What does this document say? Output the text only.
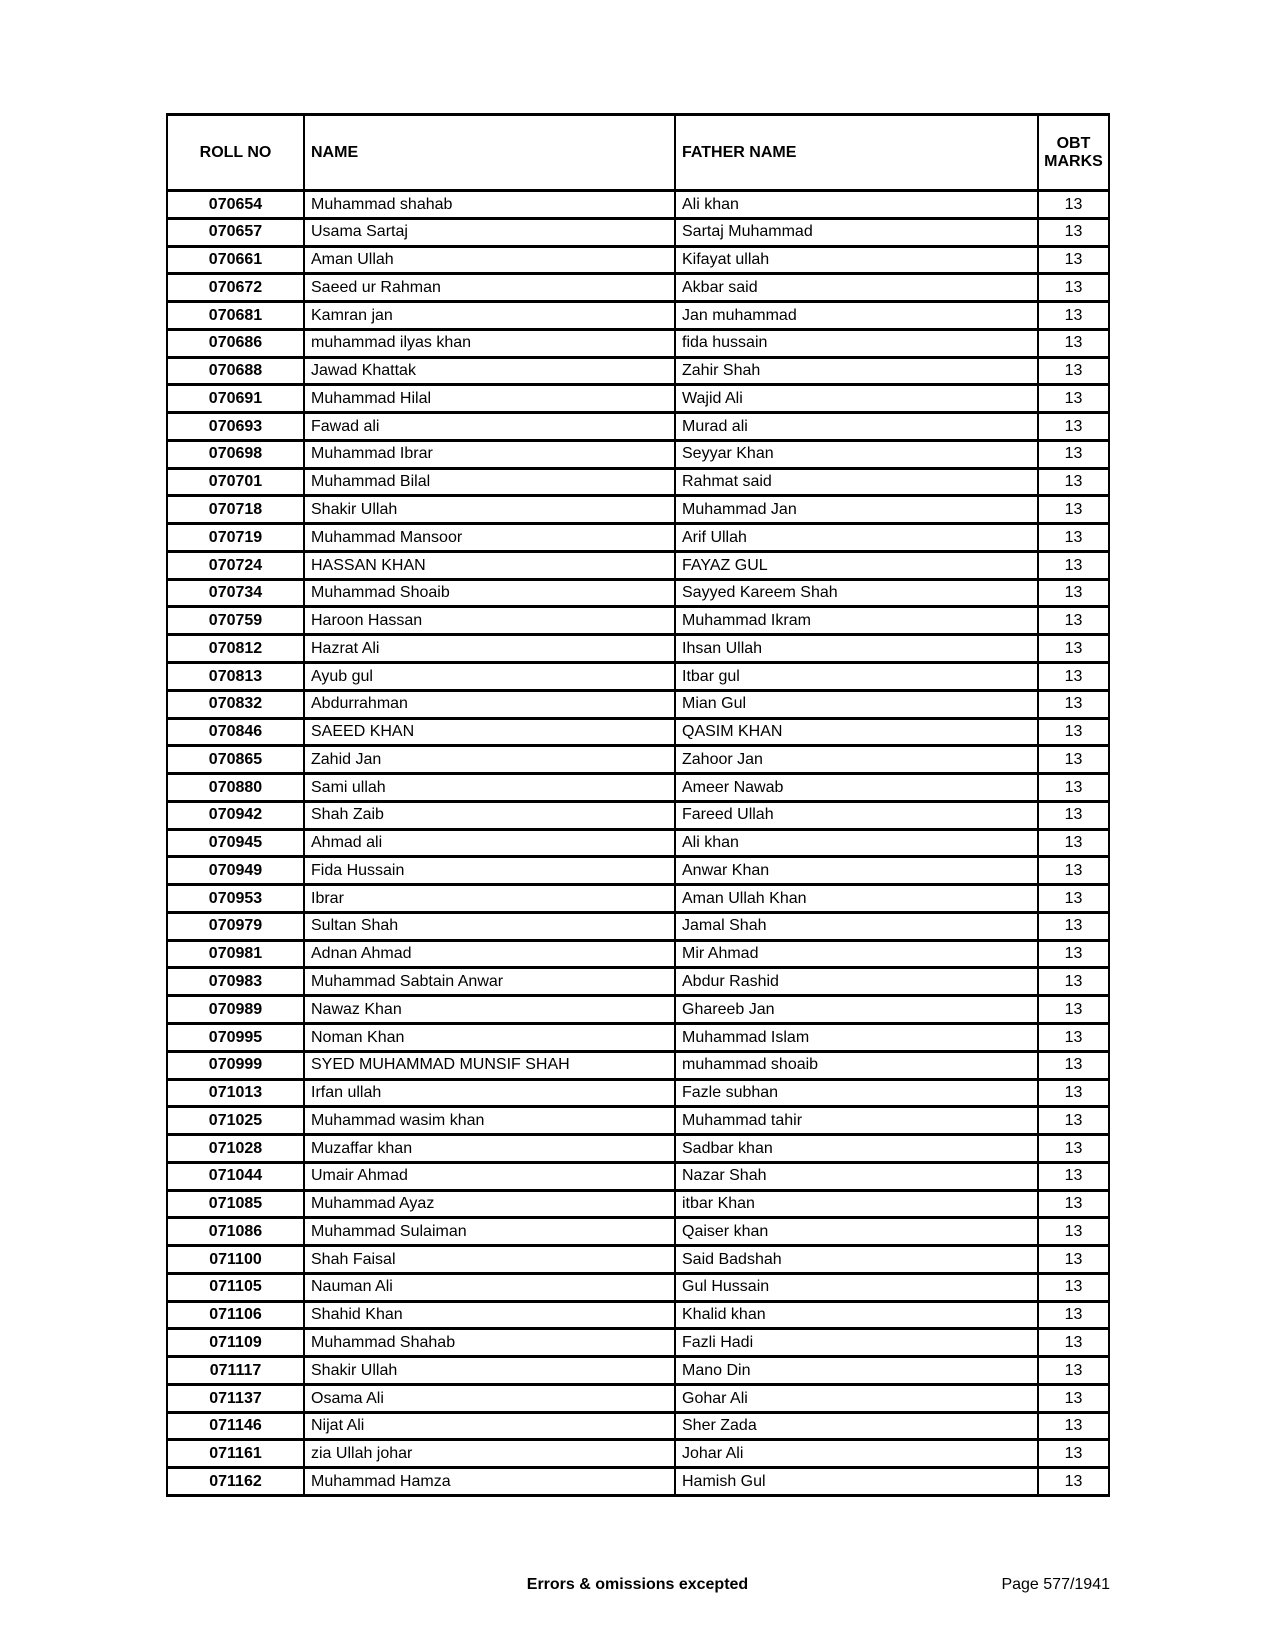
ROLL NO	NAME	FATHER NAME	OBT MARKS
070654	Muhammad shahab	Ali khan	13
070657	Usama Sartaj	Sartaj Muhammad	13
070661	Aman Ullah	Kifayat ullah	13
070672	Saeed ur Rahman	Akbar said	13
070681	Kamran jan	Jan muhammad	13
070686	muhammad ilyas khan	fida hussain	13
070688	Jawad Khattak	Zahir Shah	13
070691	Muhammad Hilal	Wajid Ali	13
070693	Fawad ali	Murad ali	13
070698	Muhammad Ibrar	Seyyar Khan	13
070701	Muhammad Bilal	Rahmat said	13
070718	Shakir Ullah	Muhammad Jan	13
070719	Muhammad Mansoor	Arif Ullah	13
070724	HASSAN KHAN	FAYAZ GUL	13
070734	Muhammad Shoaib	Sayyed Kareem Shah	13
070759	Haroon Hassan	Muhammad Ikram	13
070812	Hazrat Ali	Ihsan Ullah	13
070813	Ayub gul	Itbar gul	13
070832	Abdurrahman	Mian Gul	13
070846	SAEED KHAN	QASIM KHAN	13
070865	Zahid Jan	Zahoor Jan	13
070880	Sami ullah	Ameer Nawab	13
070942	Shah Zaib	Fareed Ullah	13
070945	Ahmad ali	Ali khan	13
070949	Fida Hussain	Anwar Khan	13
070953	Ibrar	Aman Ullah Khan	13
070979	Sultan Shah	Jamal Shah	13
070981	Adnan Ahmad	Mir Ahmad	13
070983	Muhammad Sabtain Anwar	Abdur Rashid	13
070989	Nawaz Khan	Ghareeb Jan	13
070995	Noman Khan	Muhammad Islam	13
070999	SYED MUHAMMAD MUNSIF SHAH	muhammad shoaib	13
071013	Irfan ullah	Fazle subhan	13
071025	Muhammad wasim khan	Muhammad tahir	13
071028	Muzaffar khan	Sadbar khan	13
071044	Umair Ahmad	Nazar Shah	13
071085	Muhammad Ayaz	itbar Khan	13
071086	Muhammad Sulaiman	Qaiser khan	13
071100	Shah Faisal	Said Badshah	13
071105	Nauman Ali	Gul Hussain	13
071106	Shahid Khan	Khalid khan	13
071109	Muhammad Shahab	Fazli Hadi	13
071117	Shakir Ullah	Mano Din	13
071137	Osama Ali	Gohar Ali	13
071146	Nijat Ali	Sher Zada	13
071161	zia Ullah johar	Johar Ali	13
071162	Muhammad Hamza	Hamish Gul	13
Errors & omissions excepted	Page 577/1941
